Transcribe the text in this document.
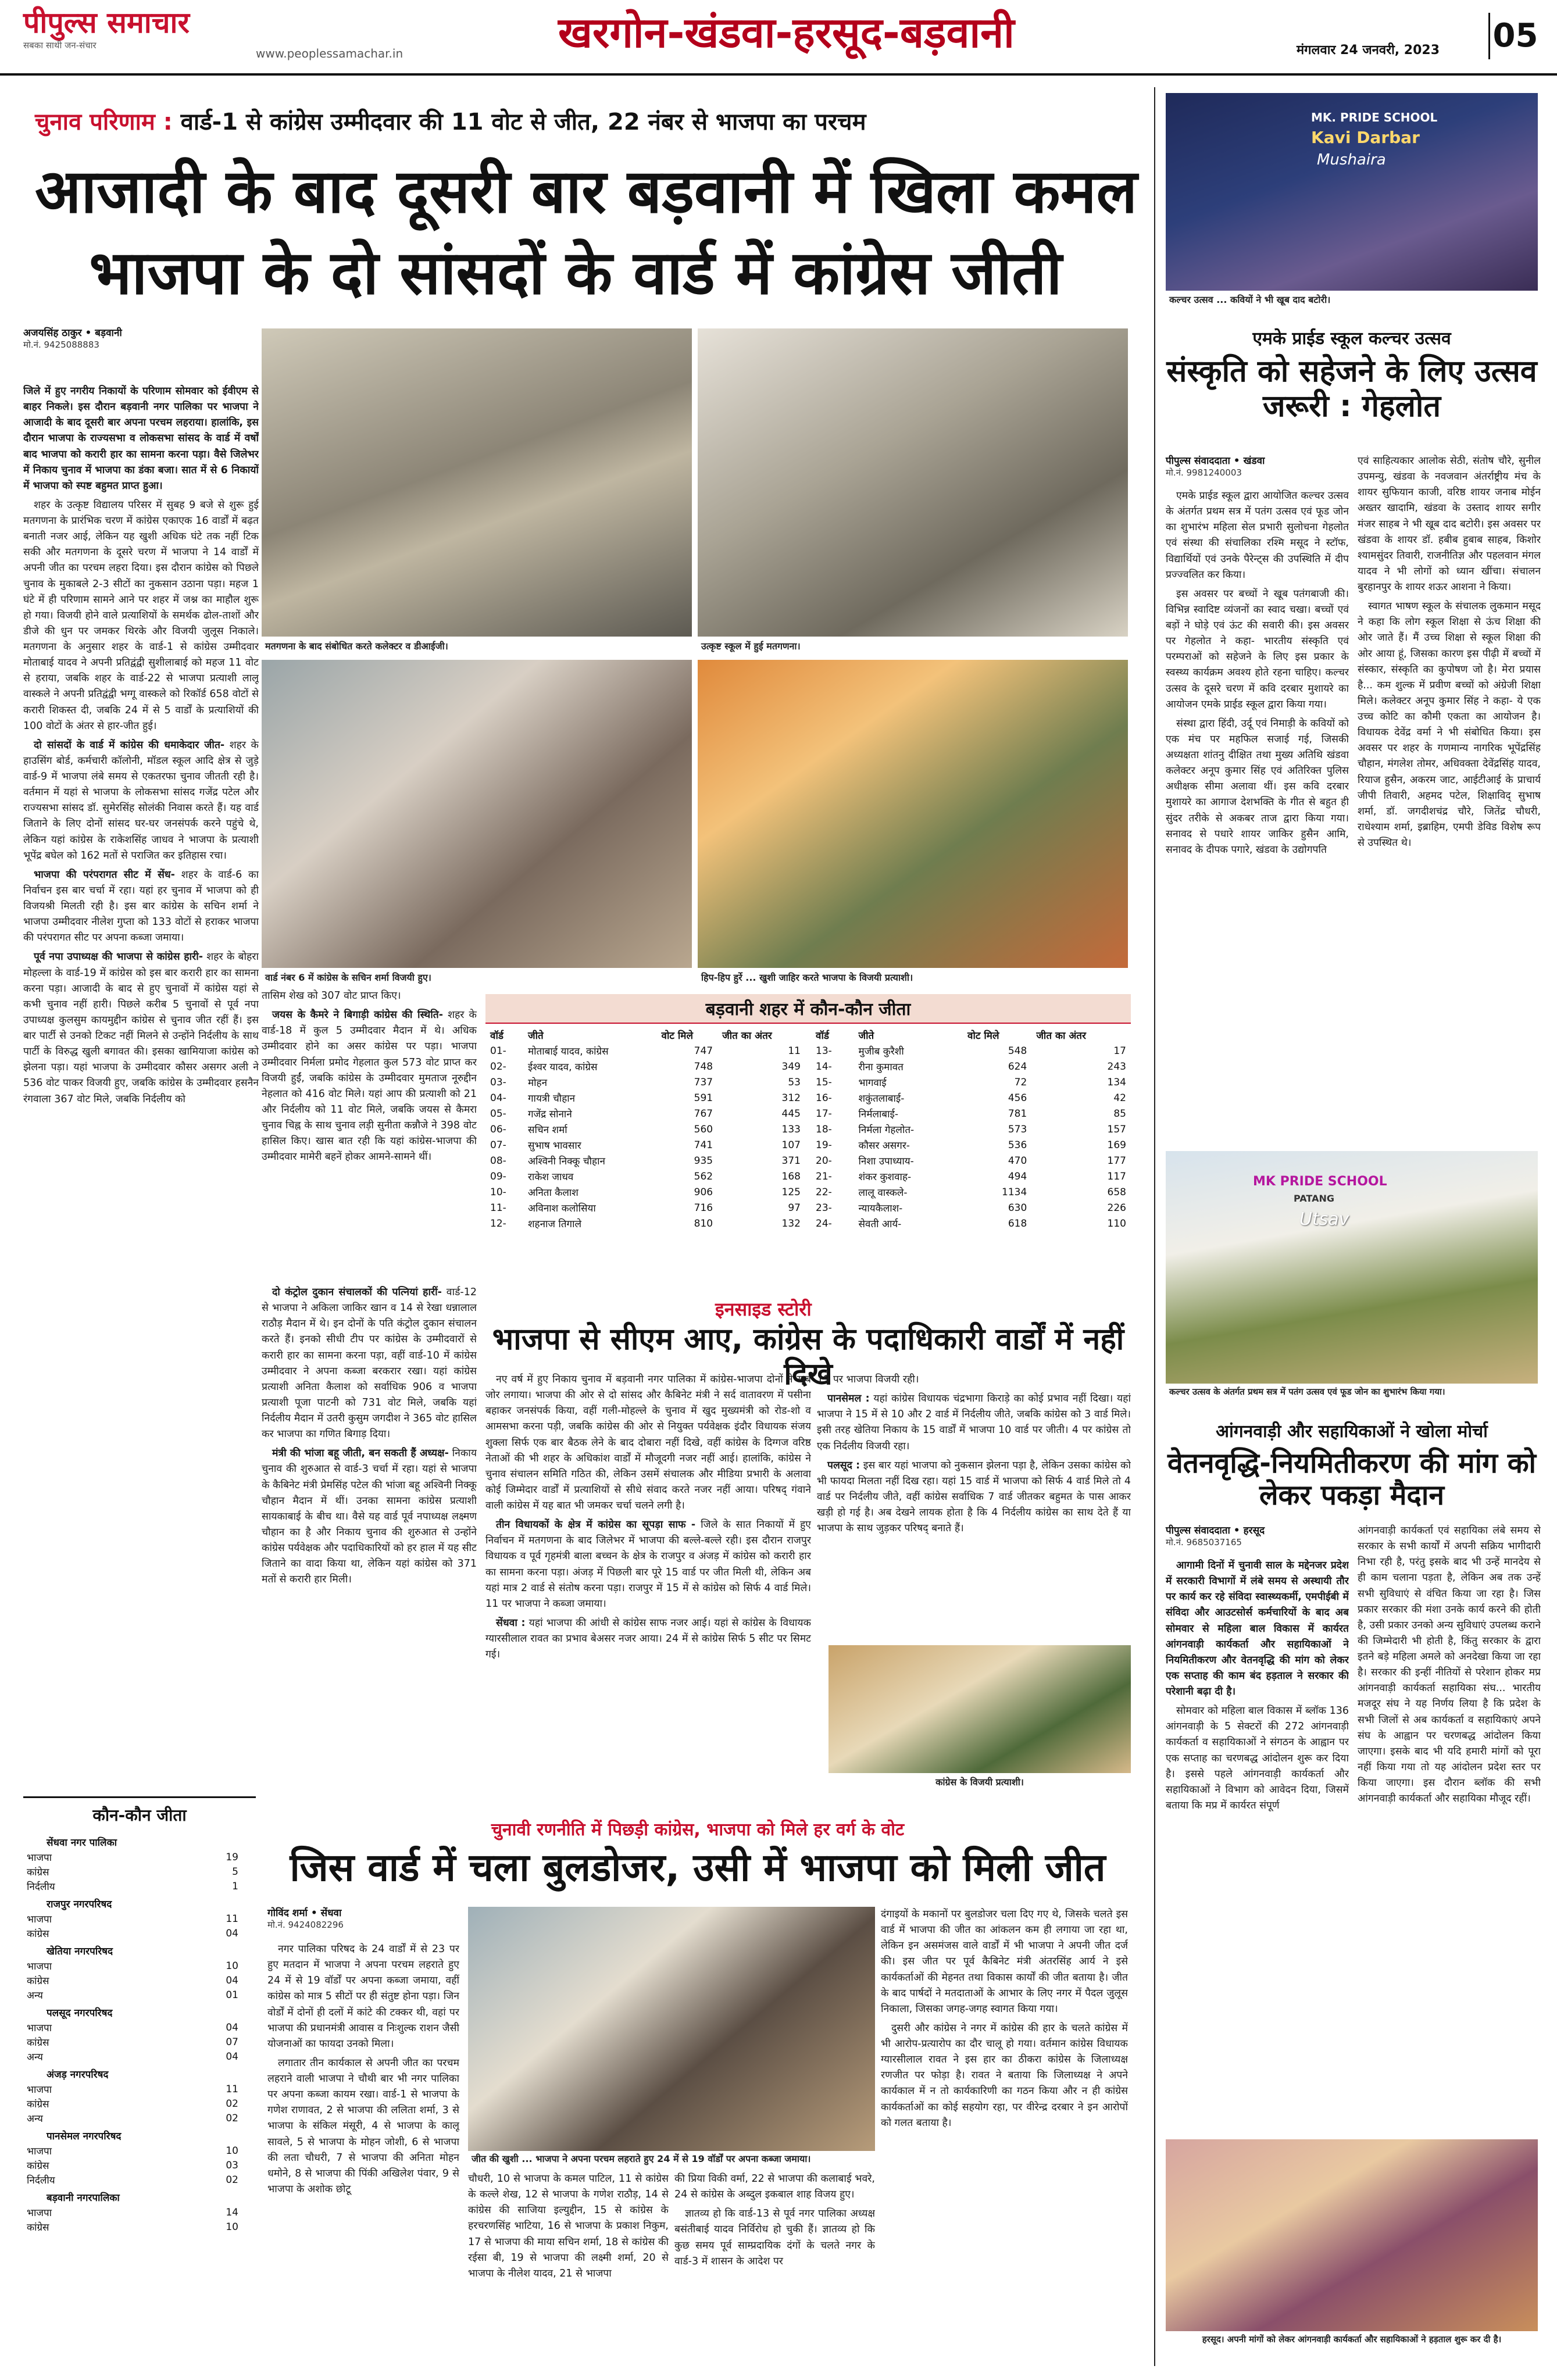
पीपुल्स समाचार
सबका साथी जन-संचार
www.peoplessamachar.in	खरगोन-खंडवा-हरसूद-बड़वानी	मंगलवार 24 जनवरी, 2023 05
चुनाव परिणाम : वार्ड-1 से कांग्रेस उम्मीदवार की 11 वोट से जीत, 22 नंबर से भाजपा का परचम
आजादी के बाद दूसरी बार बड़वानी में खिला कमल
भाजपा के दो सांसदों के वार्ड में कांग्रेस जीती
अजयसिंह ठाकुर • बड़वानी
मो.नं. 9425088883

जिले में हुए नगरीय निकायों के परिणाम सोमवार को ईवीएम से बाहर निकले। इस दौरान बड़वानी नगर पालिका पर भाजपा ने आजादी के बाद दूसरी बार अपना परचम लहराया। हालांकि, इस दौरान भाजपा के राज्यसभा व लोकसभा सांसद के वार्ड में वर्षों बाद भाजपा को करारी हार का सामना करना पड़ा। वैसे जिलेभर में निकाय चुनाव में भाजपा का डंका बजा। सात में से 6 निकायों में भाजपा को स्पष्ट बहुमत प्राप्त हुआ।

शहर के उत्कृष्ट विद्यालय परिसर में सुबह 9 बजे से शुरू हुई मतगणना के प्रारंभिक चरण में कांग्रेस एकाएक 16 वार्डों में बढ़त बनाती नजर आई, लेकिन यह खुशी अधिक घंटे तक नहीं टिक सकी और मतगणना के दूसरे चरण में भाजपा ने 14 वार्डों में अपनी जीत का परचम लहरा दिया। इस दौरान कांग्रेस को पिछले चुनाव के मुकाबले 2-3 सीटों का नुकसान उठाना पड़ा। महज 1 घंटे में ही परिणाम सामने आने पर शहर में जश्न का माहौल शुरू हो गया। विजयी होने वाले प्रत्याशियों के समर्थक ढोल-ताशों और डीजे की धुन पर जमकर थिरके और विजयी जुलूस निकाले। मतगणना के अनुसार शहर के वार्ड-1 से कांग्रेस उम्मीदवार मोताबाई यादव ने अपनी प्रतिद्वंद्वी सुशीलाबाई को महज 11 वोट से हराया, जबकि शहर के वार्ड-22 से भाजपा प्रत्याशी लालू वास्कले ने अपनी प्रतिद्वंद्वी भग्गू वास्कले को रिकॉर्ड 658 वोटों से करारी शिकस्त दी, जबकि 24 में से 5 वार्डों के प्रत्याशियों की 100 वोटों के अंतर से हार-जीत हुई।

दो सांसदों के वार्ड में कांग्रेस की धमाकेदार जीत- शहर के हाउसिंग बोर्ड, कर्मचारी कॉलोनी, मॉडल स्कूल आदि क्षेत्र से जुड़े वार्ड-9 में भाजपा लंबे समय से एकतरफा चुनाव जीतती रही है। वर्तमान में यहां से भाजपा के लोकसभा सांसद गजेंद्र पटेल और राज्यसभा सांसद डॉ. सुमेरसिंह सोलंकी निवास करते हैं। यह वार्ड जिताने के लिए दोनों सांसद घर-घर जनसंपर्क करने पहुंचे थे, लेकिन यहां कांग्रेस के राकेशसिंह जाधव ने भाजपा के प्रत्याशी भूपेंद्र बघेल को 162 मतों से पराजित कर इतिहास रचा।

भाजपा की परंपरागत सीट में सेंध- शहर के वार्ड-6 का निर्वाचन इस बार चर्चा में रहा। यहां हर चुनाव में भाजपा को ही विजयश्री मिलती रही है। इस बार कांग्रेस के सचिन शर्मा ने भाजपा उम्मीदवार नीलेश गुप्ता को 133 वोटों से हराकर भाजपा की परंपरागत सीट पर अपना कब्जा जमाया।

पूर्व नपा उपाध्यक्ष की भाजपा से कांग्रेस हारी- शहर के बोहरा मोहल्ला के वार्ड-19 में कांग्रेस को इस बार करारी हार का सामना करना पड़ा। आजादी के बाद से हुए चुनावों में कांग्रेस यहां से कभी चुनाव नहीं हारी। पिछले करीब 5 चुनावों से पूर्व नपा उपाध्यक्ष कुलसुम कायमुद्दीन कांग्रेस से चुनाव जीत रहीं हैं। इस बार पार्टी से उनको टिकट नहीं मिलने से उन्होंने निर्दलीय के साथ पार्टी के विरुद्ध खुली बगावत की। इसका खामियाजा कांग्रेस को झेलना पड़ा। यहां भाजपा के उम्मीदवार कौसर असगर अली ने 536 वोट पाकर विजयी हुए, जबकि कांग्रेस के उम्मीदवार हसनैन रंगवाला 367 वोट मिले, जबकि निर्दलीय को

मतगणना के बाद संबोधित करते कलेक्टर व डीआईजी।	उत्कृष्ट स्कूल में हुई मतगणना।
वार्ड नंबर 6 में कांग्रेस के सचिन शर्मा विजयी हुए।	हिप-हिप हुर्रे ... खुशी जाहिर करते भाजपा के विजयी प्रत्याशी।

तासिम शेख को 307 वोट प्राप्त किए।

जयस के कैमरे ने बिगाड़ी कांग्रेस की स्थिति- शहर के वार्ड-18 में कुल 5 उम्मीदवार मैदान में थे। अधिक उम्मीदवार होने का असर कांग्रेस पर पड़ा। भाजपा उम्मीदवार निर्मला प्रमोद गेहलात कुल 573 वोट प्राप्त कर विजयी हुईं, जबकि कांग्रेस के उम्मीदवार मुमताज नूरुद्दीन नेहलात को 416 वोट मिले। यहां आप की प्रत्याशी को 21 और निर्दलीय को 11 वोट मिले, जबकि जयस से कैमरा चुनाव चिह्न के साथ चुनाव लड़ी सुनीता कन्नौजे ने 398 वोट हासिल किए। खास बात रही कि यहां कांग्रेस-भाजपा की उम्मीदवार मामेरी बहनें होकर आमने-सामने थीं।

दो कंट्रोल दुकान संचालकों की पत्नियां हारीं- वार्ड-12 से भाजपा ने अकिला जाकिर खान व 14 से रेखा धन्नालाल राठौड़ मैदान में थे। इन दोनों के पति कंट्रोल दुकान संचालन करते हैं। इनको सीधी टीप पर कांग्रेस के उम्मीदवारों से करारी हार का सामना करना पड़ा, वहीं वार्ड-10 में कांग्रेस उम्मीदवार ने अपना कब्जा बरकरार रखा। यहां कांग्रेस प्रत्याशी अनिता कैलाश को सर्वाधिक 906 व भाजपा प्रत्याशी पूजा पाटनी को 731 वोट मिले, जबकि यहां निर्दलीय मैदान में उतरी कुसुम जगदीश ने 365 वोट हासिल कर भाजपा का गणित बिगाड़ दिया।

मंत्री की भांजा बहू जीती, बन सकती हैं अध्यक्ष- निकाय चुनाव की शुरुआत से वार्ड-3 चर्चा में रहा। यहां से भाजपा के कैबिनेट मंत्री प्रेमसिंह पटेल की भांजा बहू अश्विनी निक्कू चौहान मैदान में थीं। उनका सामना कांग्रेस प्रत्याशी सायकाबाई के बीच था। वैसे यह वार्ड पूर्व नपाध्यक्ष लक्ष्मण चौहान का है और निकाय चुनाव की शुरुआत से उन्होंने कांग्रेस पर्यवेक्षक और पदाधिकारियों को हर हाल में यह सीट जिताने का वादा किया था, लेकिन यहां कांग्रेस को 371 मतों से करारी हार मिली।

बड़वानी शहर में कौन-कौन जीता
वॉर्ड	जीते	वोट मिले	जीत का अंतर
01-	मोताबाई यादव, कांग्रेस	747	11
02-	ईश्वर यादव, कांग्रेस	748	349
03-	मोहन	737	53
04-	गायत्री चौहान	591	312
05-	गजेंद्र सोनाने	767	445
06-	सचिन शर्मा	560	133
07-	सुभाष भावसार	741	107
08-	अश्विनी निक्कू चौहान	935	371
09-	राकेश जाधव	562	168
10-	अनिता कैलाश	906	125
11-	अविनाश कलोसिया	716	97
12-	शहनाज तिगाले	810	132
वॉर्ड	जीते	वोट मिले	जीत का अंतर
13-	मुजीब कुरैशी	548	17
14-	रीना कुमावत	624	243
15-	भागवाई	72	134
16-	शकुंतलाबाई-	456	42
17-	निर्मलाबाई-	781	85
18-	निर्मला गेहलोत-	573	157
19-	कौसर असगर-	536	169
20-	निशा उपाध्याय-	470	177
21-	शंकर कुशवाह-	494	117
22-	लालू वास्कले-	1134	658
23-	न्यायकैलाश-	630	226
24-	सेवती आर्य-	618	110
इनसाइड स्टोरी
भाजपा से सीएम आए, कांग्रेस के पदाधिकारी वार्डों में नहीं दिखे

नए वर्ष में हुए निकाय चुनाव में बड़वानी नगर पालिका में कांग्रेस-भाजपा दोनों ने खूब जोर लगाया। भाजपा की ओर से दो सांसद और कैबिनेट मंत्री ने सर्द वातावरण में पसीना बहाकर जनसंपर्क किया, वहीं गली-मोहल्ले के चुनाव में खुद मुख्यमंत्री को रोड-शो व आमसभा करना पड़ी, जबकि कांग्रेस की ओर से नियुक्त पर्यवेक्षक इंदौर विधायक संजय शुक्ला सिर्फ एक बार बैठक लेने के बाद दोबारा नहीं दिखे, वहीं कांग्रेस के दिग्गज वरिष्ठ नेताओं की भी शहर के अधिकांश वार्डों में मौजूदगी नजर नहीं आई। हालांकि, कांग्रेस ने चुनाव संचालन समिति गठित की, लेकिन उसमें संचालक और मीडिया प्रभारी के अलावा कोई जिम्मेदार वार्डों में प्रत्याशियों से सीधे संवाद करते नजर नहीं आया। परिषद् गंवाने वाली कांग्रेस में यह बात भी जमकर चर्चा चलने लगी है।

तीन विधायकों के क्षेत्र में कांग्रेस का सूपड़ा साफ - जिले के सात निकायों में हुए निर्वाचन में मतगणना के बाद जिलेभर में भाजपा की बल्ले-बल्ले रही। इस दौरान राजपुर विधायक व पूर्व गृहमंत्री बाला बच्चन के क्षेत्र के राजपुर व अंजड़ में कांग्रेस को करारी हार का सामना करना पड़ा। अंजड़ में पिछली बार पूरे 15 वार्ड पर जीत मिली थी, लेकिन अब यहां मात्र 2 वार्ड से संतोष करना पड़ा। राजपुर में 15 में से कांग्रेस को सिर्फ 4 वार्ड मिले। 11 पर भाजपा ने कब्जा जमाया।

सेंधवा : यहां भाजपा की आंधी से कांग्रेस साफ नजर आई। यहां से कांग्रेस के विधायक ग्यारसीलाल रावत का प्रभाव बेअसर नजर आया। 24 में से कांग्रेस सिर्फ 5 सीट पर सिमट गई।

19 पर भाजपा विजयी रही।

पानसेमल : यहां कांग्रेस विधायक चंद्रभागा किराड़े का कोई प्रभाव नहीं दिखा। यहां भाजपा ने 15 में से 10 और 2 वार्ड में निर्दलीय जीते, जबकि कांग्रेस को 3 वार्ड मिले। इसी तरह खेतिया निकाय के 15 वार्डों में भाजपा 10 वार्ड पर जीती। 4 पर कांग्रेस तो एक निर्दलीय विजयी रहा।

पलसूद : इस बार यहां भाजपा को नुकसान झेलना पड़ा है, लेकिन उसका कांग्रेस को भी फायदा मिलता नहीं दिख रहा। यहां 15 वार्ड में भाजपा को सिर्फ 4 वार्ड मिले तो 4 वार्ड पर निर्दलीय जीते, वहीं कांग्रेस सर्वाधिक 7 वार्ड जीतकर बहुमत के पास आकर खड़ी हो गई है। अब देखने लायक होता है कि 4 निर्दलीय कांग्रेस का साथ देते हैं या भाजपा के साथ जुड़कर परिषद् बनाते हैं।

कांग्रेस के विजयी प्रत्याशी।
कौन-कौन जीता
सेंधवा नगर पालिका
भाजपा	19
कांग्रेस	5
निर्दलीय	1
राजपुर नगरपरिषद
भाजपा	11
कांग्रेस	04
खेतिया नगरपरिषद
भाजपा	10
कांग्रेस	04
अन्य	01
पलसूद नगरपरिषद
भाजपा	04
कांग्रेस	07
अन्य	04
अंजड़ नगरपरिषद
भाजपा	11
कांग्रेस	02
अन्य	02
पानसेमल नगरपरिषद
भाजपा	10
कांग्रेस	03
निर्दलीय	02
बड़वानी नगरपालिका
भाजपा	14
कांग्रेस	10
चुनावी रणनीति में पिछड़ी कांग्रेस, भाजपा को मिले हर वर्ग के वोट
जिस वार्ड में चला बुलडोजर, उसी में भाजपा को मिली जीत
गोविंद शर्मा • सेंधवा
मो.नं. 9424082296

नगर पालिका परिषद के 24 वार्डों में से 23 पर हुए मतदान में भाजपा ने अपना परचम लहराते हुए 24 में से 19 वॉर्डों पर अपना कब्जा जमाया, वहीं कांग्रेस को मात्र 5 सीटों पर ही संतुष्ट होना पड़ा। जिन वोर्डों में दोनों ही दलों में कांटे की टक्कर थी, वहां पर भाजपा की प्रधानमंत्री आवास व निःशुल्क राशन जैसी योजनाओं का फायदा उनको मिला।

लगातार तीन कार्यकाल से अपनी जीत का परचम लहराने वाली भाजपा ने चौथी बार भी नगर पालिका पर अपना कब्जा कायम रखा। वार्ड-1 से भाजपा के गणेश राणावत, 2 से भाजपा की ललिता शर्मा, 3 से भाजपा के संकिल मंसूरी, 4 से भाजपा के कालू सावले, 5 से भाजपा के मोहन जोशी, 6 से भाजपा की लता चौधरी, 7 से भाजपा की अनिता मोहन धमोने, 8 से भाजपा की पिंकी अखिलेश पंवार, 9 से भाजपा के अशोक छोटू

जीत की खुशी ... भाजपा ने अपना परचम लहराते हुए 24 में से 19 वॉर्डों पर अपना कब्जा जमाया।

चौधरी, 10 से भाजपा के कमल पाटिल, 11 से कांग्रेस के कल्ले शेख, 12 से भाजपा के गणेश राठौड़, 14 से कांग्रेस की साजिया इल्युद्दीन, 15 से कांग्रेस के हरचरणसिंह भाटिया, 16 से भाजपा के प्रकाश निकुम, 17 से भाजपा की माया सचिन शर्मा, 18 से कांग्रेस की रईसा बी, 19 से भाजपा की लक्ष्मी शर्मा, 20 से भाजपा के नीलेश यादव, 21 से भाजपा

की प्रिया विकी वर्मा, 22 से भाजपा की कलाबाई भवरे, 24 से कांग्रेस के अब्दुल इकबाल शाह विजय हुए।

ज्ञातव्य हो कि वार्ड-13 से पूर्व नगर पालिका अध्यक्ष बसंतीबाई यादव निर्विरोध हो चुकी हैं। ज्ञातव्य हो कि कुछ समय पूर्व साम्प्रदायिक दंगों के चलते नगर के वार्ड-3 में शासन के आदेश पर

दंगाइयों के मकानों पर बुलडोजर चला दिए गए थे, जिसके चलते इस वार्ड में भाजपा की जीत का आंकलन कम ही लगाया जा रहा था, लेकिन इन असमंजस वाले वार्डों में भी भाजपा ने अपनी जीत दर्ज की। इस जीत पर पूर्व कैबिनेट मंत्री अंतरसिंह आर्य ने इसे कार्यकर्ताओं की मेहनत तथा विकास कार्यों की जीत बताया है। जीत के बाद पार्षदों ने मतदाताओं के आभार के लिए नगर में पैदल जुलूस निकाला, जिसका जगह-जगह स्वागत किया गया।

दुसरी और कांग्रेस ने नगर में कांग्रेस की हार के चलते कांग्रेस में भी आरोप-प्रत्यारोप का दौर चालू हो गया। वर्तमान कांग्रेस विधायक ग्यारसीलाल रावत ने इस हार का ठीकरा कांग्रेस के जिलाध्यक्ष रणजीत पर फोड़ा है। रावत ने बताया कि जिलाध्यक्ष ने अपने कार्यकाल में न तो कार्यकारिणी का गठन किया और न ही कांग्रेस कार्यकर्ताओं का कोई सहयोग रहा, पर वीरेन्द्र दरबार ने इन आरोपों को गलत बताया है।

MK. PRIDE SCHOOL
Kavi Darbar
Mushaira
कल्चर उत्सव ... कवियों ने भी खूब दाद बटोरी।
एमके प्राईड स्कूल कल्चर उत्सव
संस्कृति को सहेजने के लिए उत्सव जरूरी : गेहलोत
पीपुल्स संवाददाता • खंडवा
मो.नं. 9981240003

एमके प्राईड स्कूल द्वारा आयोजित कल्चर उत्सव के अंतर्गत प्रथम सत्र में पतंग उत्सव एवं फूड जोन का शुभारंभ महिला सेल प्रभारी सुलोचना गेहलोत एवं संस्था की संचालिका रश्मि मसूद ने स्टॉफ, विद्यार्थियों एवं उनके पैरेन्ट्स की उपस्थिति में दीप प्रज्ज्वलित कर किया।

इस अवसर पर बच्चों ने खूब पतंगबाजी की। विभिन्न स्वादिष्ट व्यंजनों का स्वाद चखा। बच्चों एवं बड़ों ने घोड़े एवं ऊंट की सवारी की। इस अवसर पर गेहलोत ने कहा- भारतीय संस्कृति एवं परम्पराओं को सहेजने के लिए इस प्रकार के स्वस्थ्य कार्यक्रम अवश्य होते रहना चाहिए। कल्चर उत्सव के दूसरे चरण में कवि दरबार मुशायरे का आयोजन एमके प्राईड स्कूल द्वारा किया गया।

संस्था द्वारा हिंदी, उर्दू एवं निमाड़ी के कवियों को एक मंच पर महफिल सजाई गई, जिसकी अध्यक्षता शांतनु दीक्षित तथा मुख्य अतिथि खंडवा कलेक्टर अनूप कुमार सिंह एवं अतिरिक्त पुलिस अधीक्षक सीमा अलावा थीं। इस कवि दरबार मुशायरे का आगाज देशभक्ति के गीत से बहुत ही सुंदर तरीके से अकबर ताज द्वारा किया गया। सनावद से पधारे शायर जाकिर हुसैन आमि, सनावद के दीपक पगारे, खंडवा के उद्योगपति

एवं साहित्यकार आलोक सेठी, संतोष चौरे, सुनील उपमन्यु, खंडवा के नवजवान अंतर्राष्ट्रीय मंच के शायर सुफियान काजी, वरिष्ठ शायर जनाब मोईन अख्तर खादामि, खंडवा के उस्ताद शायर सगीर मंजर साहब ने भी खूब दाद बटोरी। इस अवसर पर खंडवा के शायर डॉ. हबीब हुबाब साहब, किशोर श्यामसुंदर तिवारी, राजनीतिज्ञ और पहलवान मंगल यादव ने भी लोगों को ध्यान खींचा। संचालन बुरहानपुर के शायर शऊर आशना ने किया।

स्वागत भाषण स्कूल के संचालक लुकमान मसूद ने कहा कि लोग स्कूल शिक्षा से ऊंच शिक्षा की ओर जाते हैं। मैं उच्च शिक्षा से स्कूल शिक्षा की ओर आया हूं, जिसका कारण इस पीढ़ी में बच्चों में संस्कार, संस्कृति का कुपोषण जो है। मेरा प्रयास है... कम शुल्क में प्रवीण बच्चों को अंग्रेजी शिक्षा मिले। कलेक्टर अनूप कुमार सिंह ने कहा- ये एक उच्च कोटि का कौमी एकता का आयोजन है। विधायक देवेंद्र वर्मा ने भी संबोधित किया। इस अवसर पर शहर के गणमान्य नागरिक भूपेंद्रसिंह चौहान, मंगलेश तोमर, अधिवक्ता देवेंद्रसिंह यादव, रियाज हुसैन, अकरम जाट, आईटीआई के प्राचार्य जीपी तिवारी, अहमद पटेल, शिक्षाविद् सुभाष शर्मा, डॉ. जगदीशचंद्र चौरे, जितेंद्र चौधरी, राधेश्याम शर्मा, इब्राहिम, एमपी डेविड विशेष रूप से उपस्थित थे।

MK PRIDE SCHOOL
PATANG
Utsav
कल्चर उत्सव के अंतर्गत प्रथम सत्र में पतंग उत्सव एवं फूड जोन का शुभारंभ किया गया।
आंगनवाड़ी और सहायिकाओं ने खोला मोर्चा
वेतनवृद्धि-नियमितीकरण की मांग को लेकर पकड़ा मैदान
पीपुल्स संवाददाता • हरसूद
मो.नं. 9685037165

आगामी दिनों में चुनावी साल के मद्देनजर प्रदेश में सरकारी विभागों में लंबे समय से अस्थायी तौर पर कार्य कर रहे संविदा स्वास्थ्यकर्मी, एमपीईबी में संविदा और आउटसोर्स कर्मचारियों के बाद अब सोमवार से महिला बाल विकास में कार्यरत आंगनवाड़ी कार्यकर्ता और सहायिकाओं ने नियमितीकरण और वेतनवृद्धि की मांग को लेकर एक सप्ताह की काम बंद हड़ताल ने सरकार की परेशानी बढ़ा दी है।

सोमवार को महिला बाल विकास में ब्लॉक 136 आंगनवाड़ी के 5 सेक्टरों की 272 आंगनवाड़ी कार्यकर्ता व सहायिकाओं ने संगठन के आह्वान पर एक सप्ताह का चरणबद्ध आंदोलन शुरू कर दिया है। इससे पहले आंगनवाड़ी कार्यकर्ता और सहायिकाओं ने विभाग को आवेदन दिया, जिसमें बताया कि मप्र में कार्यरत संपूर्ण

आंगनवाड़ी कार्यकर्ता एवं सहायिका लंबे समय से सरकार के सभी कार्यों में अपनी सक्रिय भागीदारी निभा रही है, परंतु इसके बाद भी उन्हें मानदेय से ही काम चलाना पड़ता है, लेकिन अब तक उन्हें सभी सुविधाएं से वंचित किया जा रहा है। जिस प्रकार सरकार की मंशा उनके कार्य करने की होती है, उसी प्रकार उनको अन्य सुविधाएं उपलब्ध कराने की जिम्मेदारी भी होती है, किंतु सरकार के द्वारा इतने बड़े महिला अमले को अनदेखा किया जा रहा है। सरकार की इन्हीं नीतियों से परेशान होकर मप्र आंगनवाड़ी कार्यकर्ता सहायिका संघ... भारतीय मजदूर संघ ने यह निर्णय लिया है कि प्रदेश के सभी जिलों से अब कार्यकर्ता व सहायिकाएं अपने संघ के आह्वान पर चरणबद्ध आंदोलन किया जाएगा। इसके बाद भी यदि हमारी मांगों को पूरा नहीं किया गया तो यह आंदोलन प्रदेश स्तर पर किया जाएगा। इस दौरान ब्लॉक की सभी आंगनवाड़ी कार्यकर्ता और सहायिका मौजूद रहीं।

हरसूद। अपनी मांगों को लेकर आंगनवाड़ी कार्यकर्ता और सहायिकाओं ने हड़ताल शुरू कर दी है।
